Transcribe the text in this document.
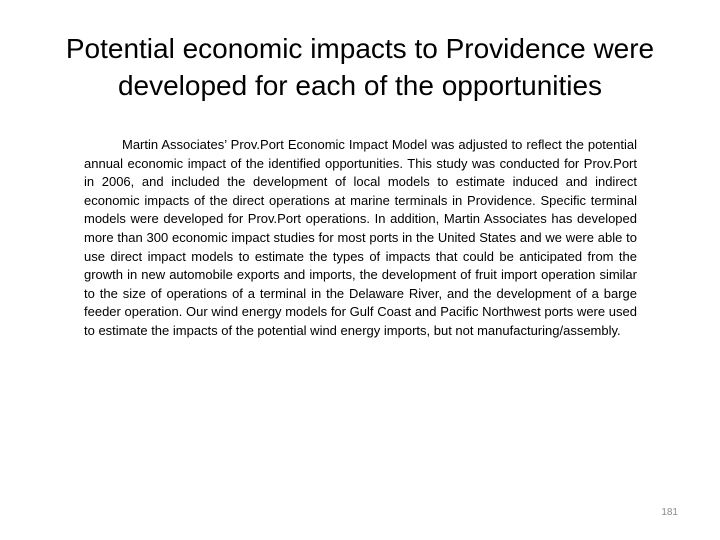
Potential economic impacts to Providence were
developed for each of the opportunities

Martin Associates’ Prov.Port Economic Impact Model was adjusted to reflect the potential annual economic impact of the identified opportunities. This study was conducted for Prov.Port in 2006, and included the development of local models to estimate induced and indirect economic impacts of the direct operations at marine terminals in Providence. Specific terminal models were developed for Prov.Port operations. In addition, Martin Associates has developed more than 300 economic impact studies for most ports in the United States and we were able to use direct impact models to estimate the types of impacts that could be anticipated from the growth in new automobile exports and imports, the development of fruit import operation similar to the size of operations of a terminal in the Delaware River, and the development of a barge feeder operation. Our wind energy models for Gulf Coast and Pacific Northwest ports were used to estimate the impacts of the potential wind energy imports, but not manufacturing/assembly.

181
